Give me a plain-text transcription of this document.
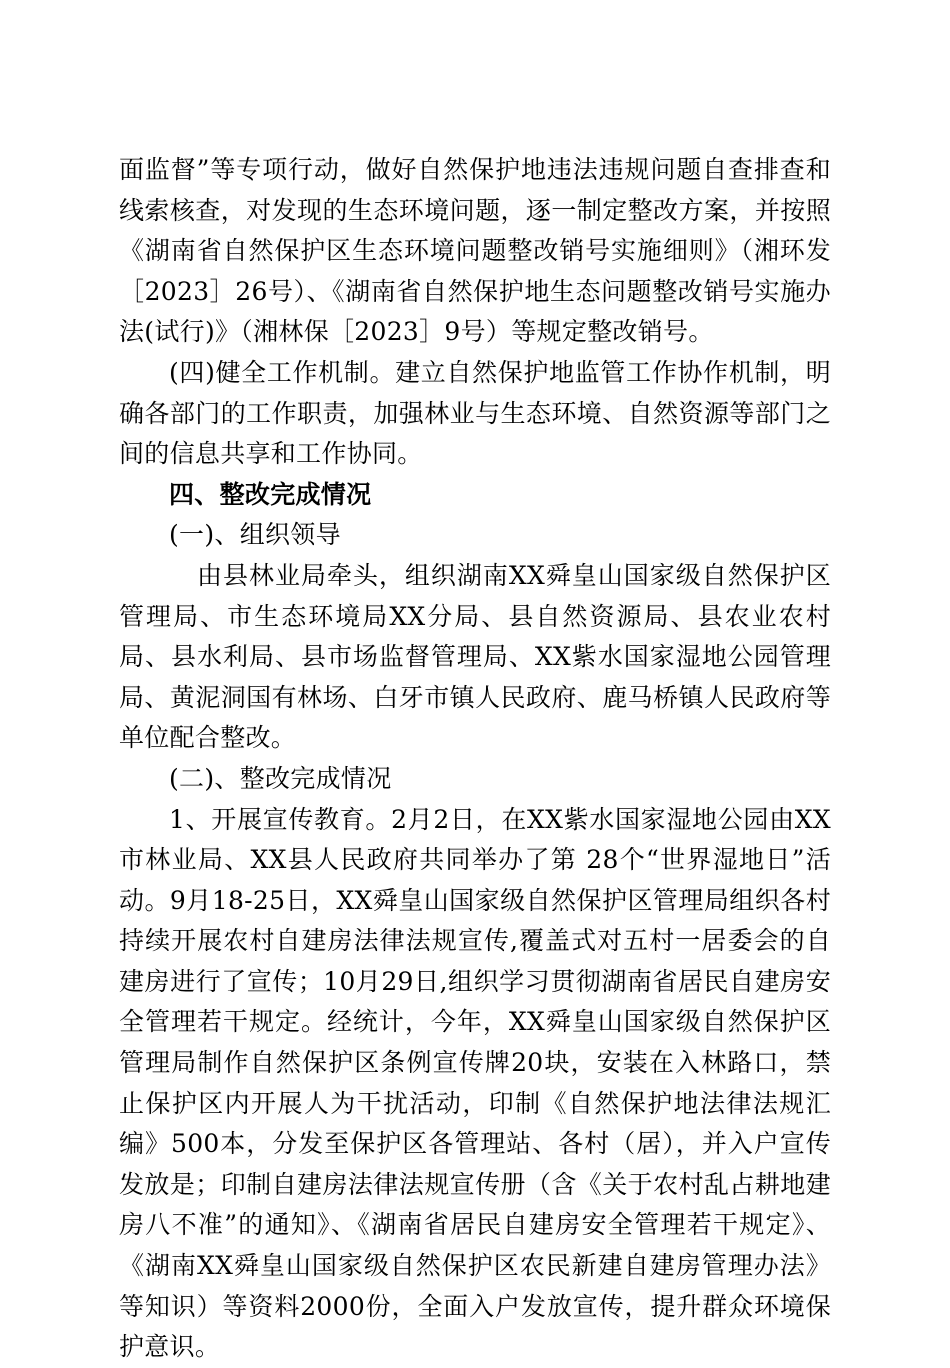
面监督”等专项行动，做好自然保护地违法违规问题自查排查和线索核查，对发现的生态环境问题，逐一制定整改方案，并按照《湖南省自然保护区生态环境问题整改销号实施细则》（湘环发［2023］26号）、《湖南省自然保护地生态问题整改销号实施办法(试行)》（湘林保［2023］9号）等规定整改销号。

(四)健全工作机制。建立自然保护地监管工作协作机制，明确各部门的工作职责，加强林业与生态环境、自然资源等部门之间的信息共享和工作协同。

四、整改完成情况

(一)、组织领导

由县林业局牵头，组织湖南XX舜皇山国家级自然保护区管理局、市生态环境局XX分局、县自然资源局、县农业农村局、县水利局、县市场监督管理局、XX紫水国家湿地公园管理局、黄泥洞国有林场、白牙市镇人民政府、鹿马桥镇人民政府等单位配合整改。

(二)、整改完成情况

1、开展宣传教育。2月2日，在XX紫水国家湿地公园由XX市林业局、XX县人民政府共同举办了第 28个“世界湿地日”活动。9月18-25日，XX舜皇山国家级自然保护区管理局组织各村持续开展农村自建房法律法规宣传,覆盖式对五村一居委会的自建房进行了宣传；10月29日,组织学习贯彻湖南省居民自建房安全管理若干规定。经统计，今年，XX舜皇山国家级自然保护区管理局制作自然保护区条例宣传牌20块，安装在入林路口，禁止保护区内开展人为干扰活动，印制《自然保护地法律法规汇编》500本，分发至保护区各管理站、各村（居），并入户宣传发放是；印制自建房法律法规宣传册（含《关于农村乱占耕地建房八不准”的通知》、《湖南省居民自建房安全管理若干规定》、《湖南XX舜皇山国家级自然保护区农民新建自建房管理办法》等知识）等资料2000份，全面入户发放宣传，提升群众环境保护意识。
